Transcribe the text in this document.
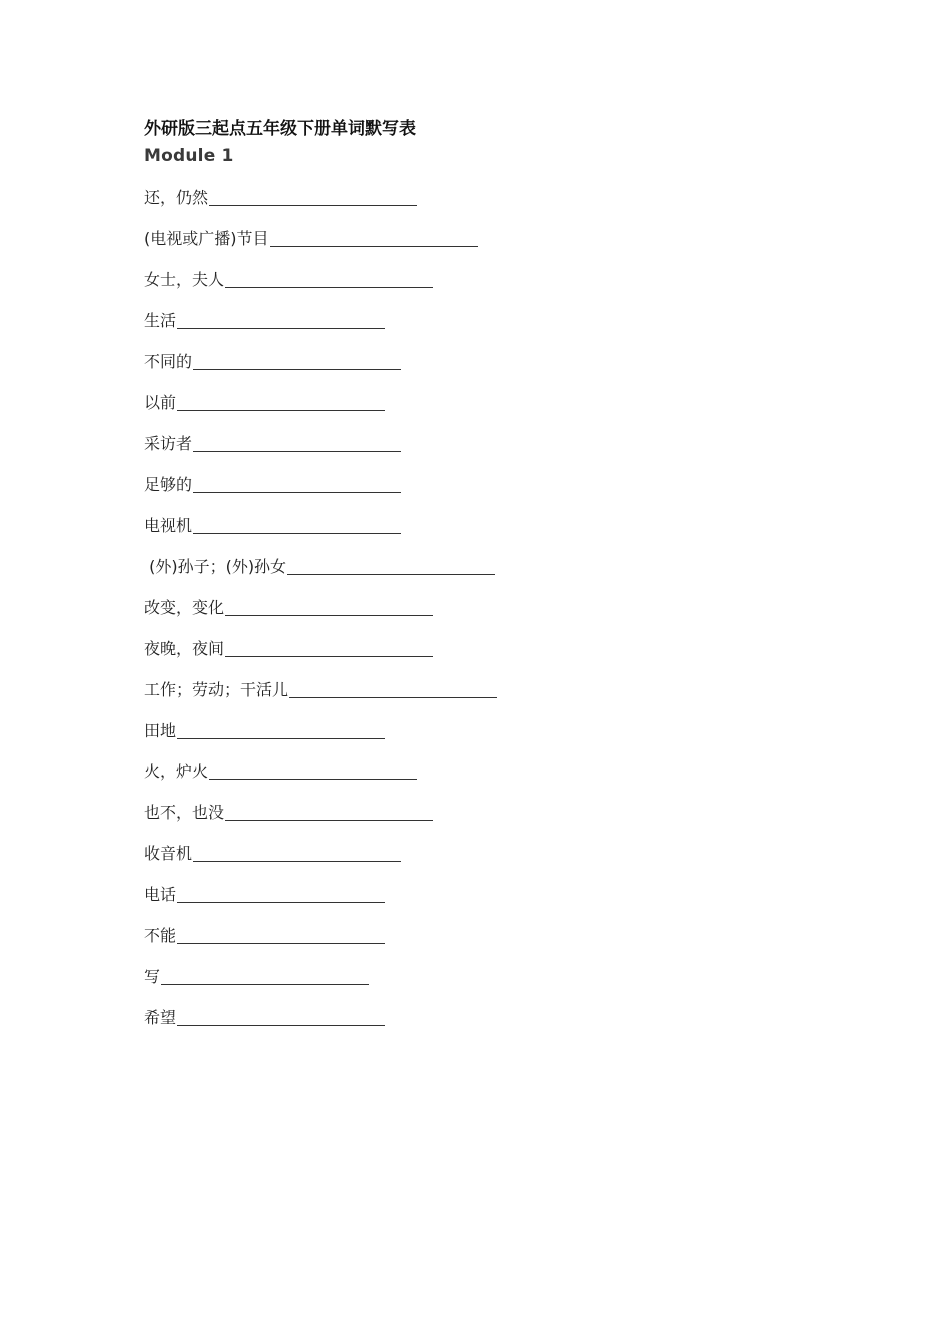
外研版三起点五年级下册单词默写表
Module 1
还，仍然
(电视或广播)节目
女士，夫人
生活
不同的
以前
采访者
足够的
电视机
(外)孙子；(外)孙女
改变，变化
夜晚，夜间
工作；劳动；干活儿
田地
火，炉火
也不，也没
收音机
电话
不能
写
希望
